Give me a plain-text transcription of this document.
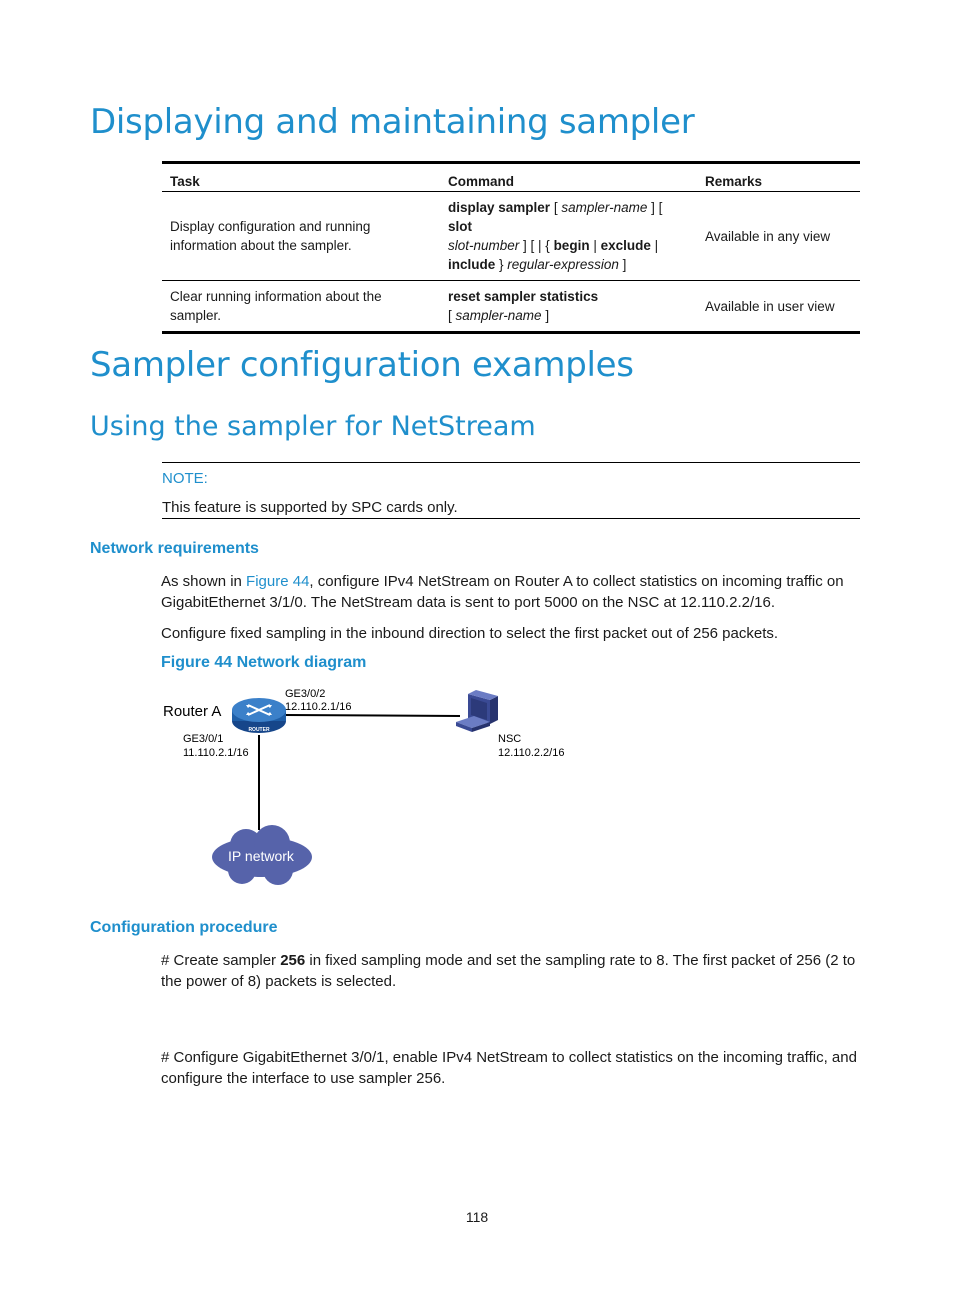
Displaying and maintaining sampler
Task	Command	Remarks
Display configuration and running information about the sampler.	display sampler [ sampler-name ] [ slot
slot-number ] [ | { begin | exclude |
include } regular-expression ]	Available in any view
Clear running information about the sampler.	reset sampler statistics
[ sampler-name ]	Available in user view
Sampler configuration examples
Using the sampler for NetStream
NOTE:
This feature is supported by SPC cards only.
Network requirements

As shown in Figure 44, configure IPv4 NetStream on Router A to collect statistics on incoming traffic on GigabitEthernet 3/1/0. The NetStream data is sent to port 5000 on the NSC at 12.110.2.2/16.

Configure fixed sampling in the inbound direction to select the first packet out of 256 packets.

Figure 44 Network diagram
ROUTER
IP network
Router A
GE3/0/2
12.110.2.1/16
GE3/0/1
11.110.2.1/16
NSC
12.110.2.2/16
Configuration procedure

# Create sampler 256 in fixed sampling mode and set the sampling rate to 8. The first packet of 256 (2 to the power of 8) packets is selected.

# Configure GigabitEthernet 3/0/1, enable IPv4 NetStream to collect statistics on the incoming traffic, and configure the interface to use sampler 256.

118
